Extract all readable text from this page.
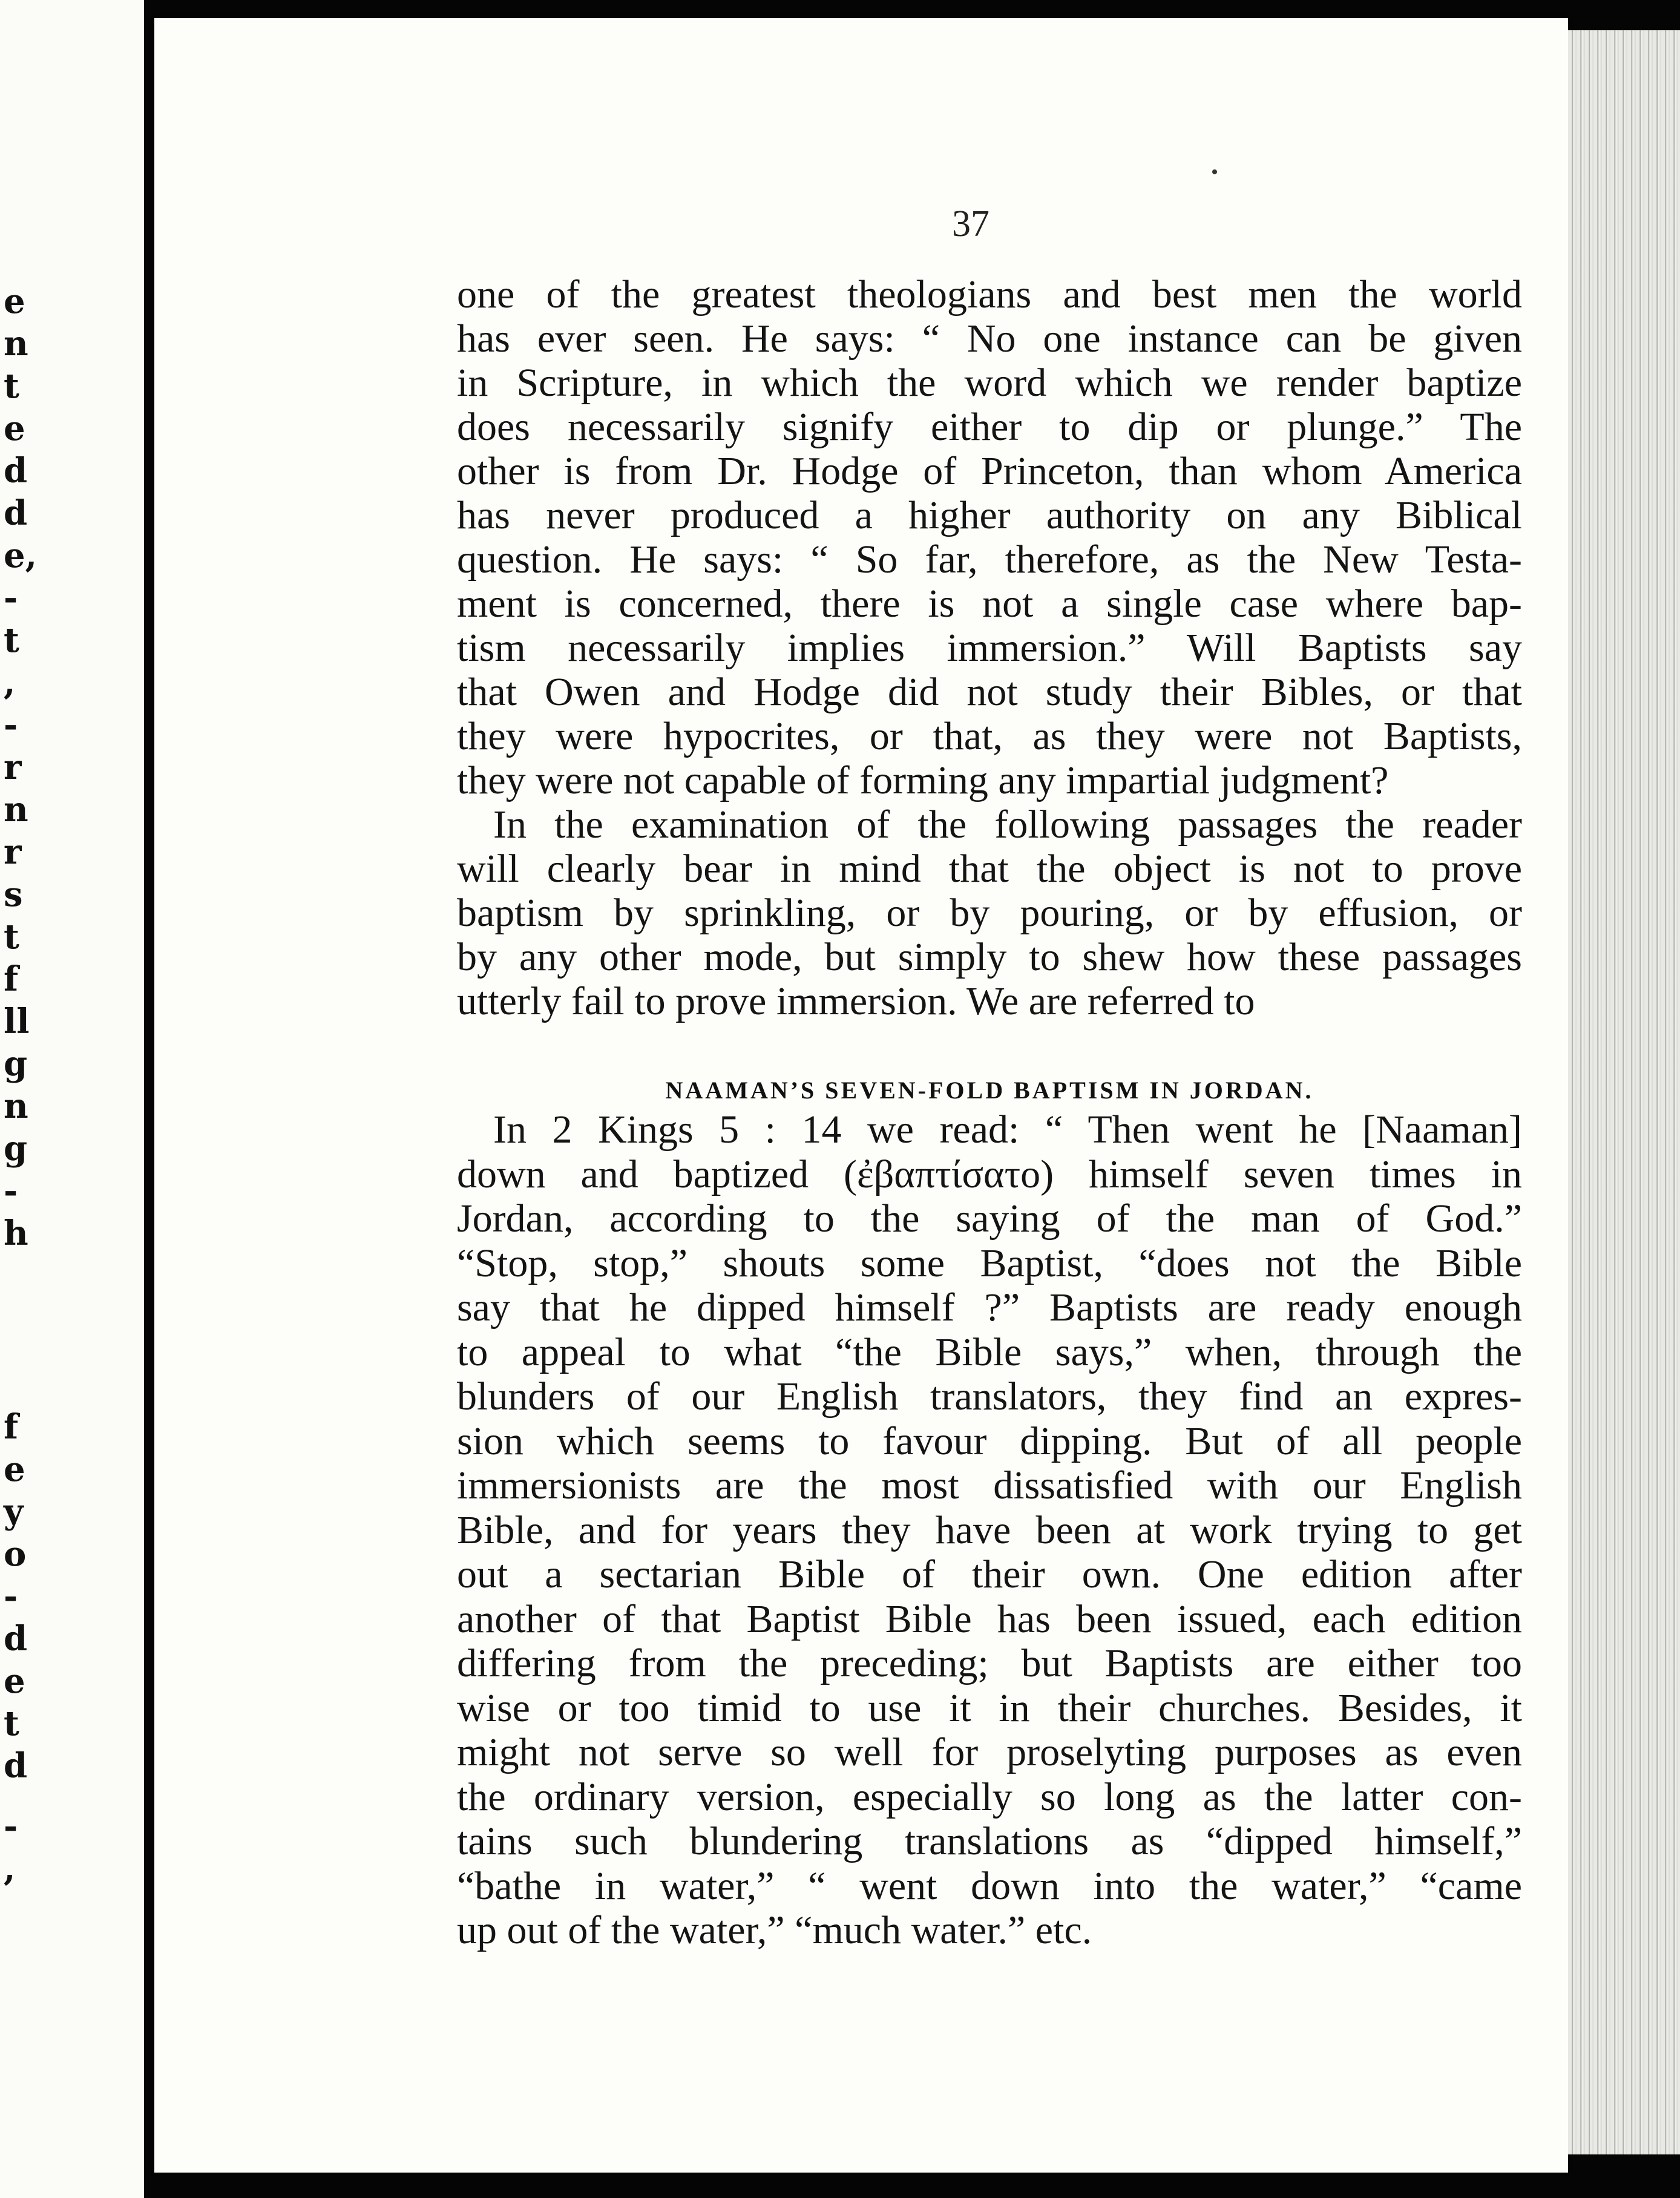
e
n
t
e
d
d
e,
-
t
,
-
r
n
r
s
t
f
ll
g
n
g
-
h
f
e
y
o
-
d
e
t
d
-
,
37
one of the greatest theologians and best men the world
has ever seen. He says: “ No one instance can be given
in Scripture, in which the word which we render baptize
does necessarily signify either to dip or plunge.” The
other is from Dr. Hodge of Princeton, than whom America
has never produced a higher authority on any Biblical
question. He says: “ So far, therefore, as the New Testa-
ment is concerned, there is not a single case where bap-
tism necessarily implies immersion.” Will Baptists say
that Owen and Hodge did not study their Bibles, or that
they were hypocrites, or that, as they were not Baptists,
they were not capable of forming any impartial judgment?
In the examination of the following passages the reader
will clearly bear in mind that the object is not to prove
baptism by sprinkling, or by pouring, or by effusion, or
by any other mode, but simply to shew how these passages
utterly fail to prove immersion. We are referred to
NAAMAN’S SEVEN-FOLD BAPTISM IN JORDAN.
In 2 Kings 5 : 14 we read: “ Then went he [Naaman]
down and baptized (ἐβαπτίσατο) himself seven times in
Jordan, according to the saying of the man of God.”
“Stop, stop,” shouts some Baptist, “does not the Bible
say that he dipped himself ?” Baptists are ready enough
to appeal to what “the Bible says,” when, through the
blunders of our English translators, they find an expres-
sion which seems to favour dipping. But of all people
immersionists are the most dissatisfied with our English
Bible, and for years they have been at work trying to get
out a sectarian Bible of their own. One edition after
another of that Baptist Bible has been issued, each edition
differing from the preceding; but Baptists are either too
wise or too timid to use it in their churches. Besides, it
might not serve so well for proselyting purposes as even
the ordinary version, especially so long as the latter con-
tains such blundering translations as “dipped himself,”
“bathe in water,” “ went down into the water,” “came
up out of the water,” “much water.” etc.
